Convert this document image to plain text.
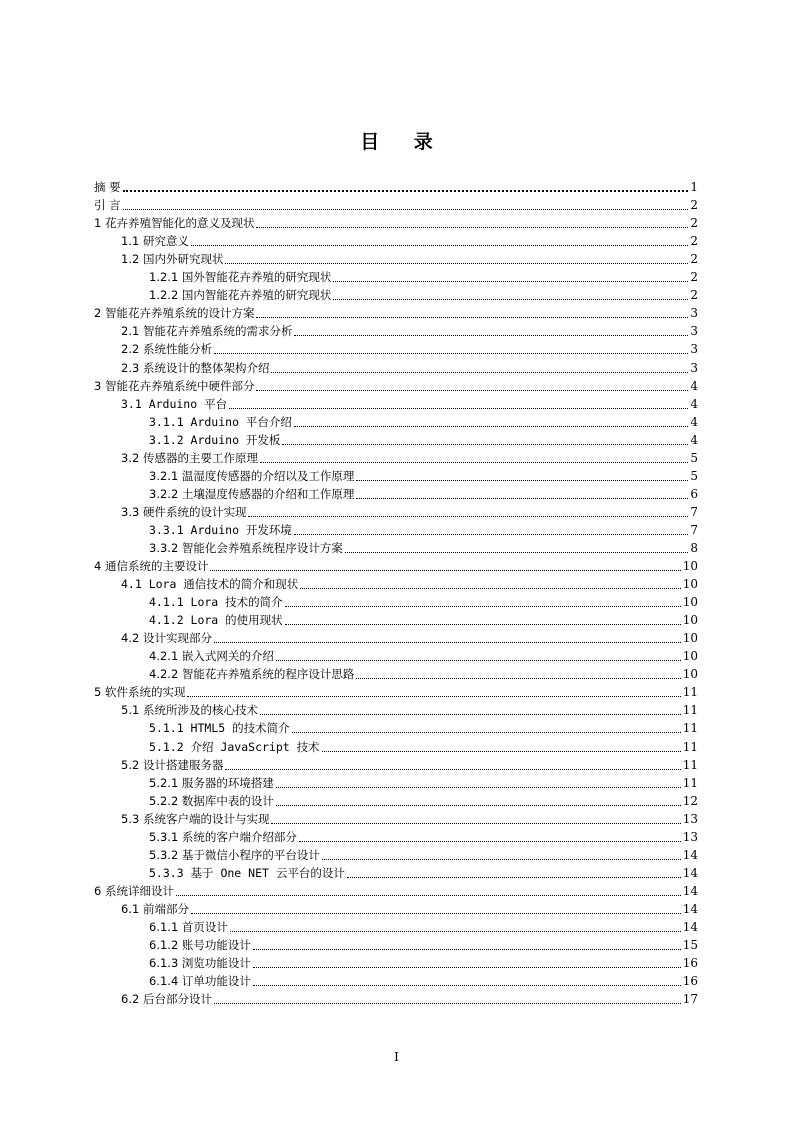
目 录
摘 要	1
引 言	2
1 花卉养殖智能化的意义及现状	2
1.1 研究意义	2
1.2 国内外研究现状	2
1.2.1 国外智能花卉养殖的研究现状	2
1.2.2 国内智能花卉养殖的研究现状	2
2 智能花卉养殖系统的设计方案	3
2.1 智能花卉养殖系统的需求分析	3
2.2 系统性能分析	3
2.3 系统设计的整体架构介绍	3
3 智能花卉养殖系统中硬件部分	4
3.1 Arduino 平台	4
3.1.1 Arduino 平台介绍	4
3.1.2 Arduino 开发板	4
3.2 传感器的主要工作原理	5
3.2.1 温湿度传感器的介绍以及工作原理	5
3.2.2 土壤湿度传感器的介绍和工作原理	6
3.3 硬件系统的设计实现	7
3.3.1 Arduino 开发环境	7
3.3.2 智能化会养殖系统程序设计方案	8
4 通信系统的主要设计	10
4.1 Lora 通信技术的简介和现状	10
4.1.1 Lora 技术的简介	10
4.1.2 Lora 的使用现状	10
4.2 设计实现部分	10
4.2.1 嵌入式网关的介绍	10
4.2.2 智能花卉养殖系统的程序设计思路	10
5 软件系统的实现	11
5.1 系统所涉及的核心技术	11
5.1.1 HTML5 的技术简介	11
5.1.2 介绍 JavaScript 技术	11
5.2 设计搭建服务器	11
5.2.1 服务器的环境搭建	11
5.2.2 数据库中表的设计	12
5.3 系统客户端的设计与实现	13
5.3.1 系统的客户端介绍部分	13
5.3.2 基于微信小程序的平台设计	14
5.3.3 基于 One NET 云平台的设计	14
6 系统详细设计	14
6.1 前端部分	14
6.1.1 首页设计	14
6.1.2 账号功能设计	15
6.1.3 浏览功能设计	16
6.1.4 订单功能设计	16
6.2 后台部分设计	17
I
